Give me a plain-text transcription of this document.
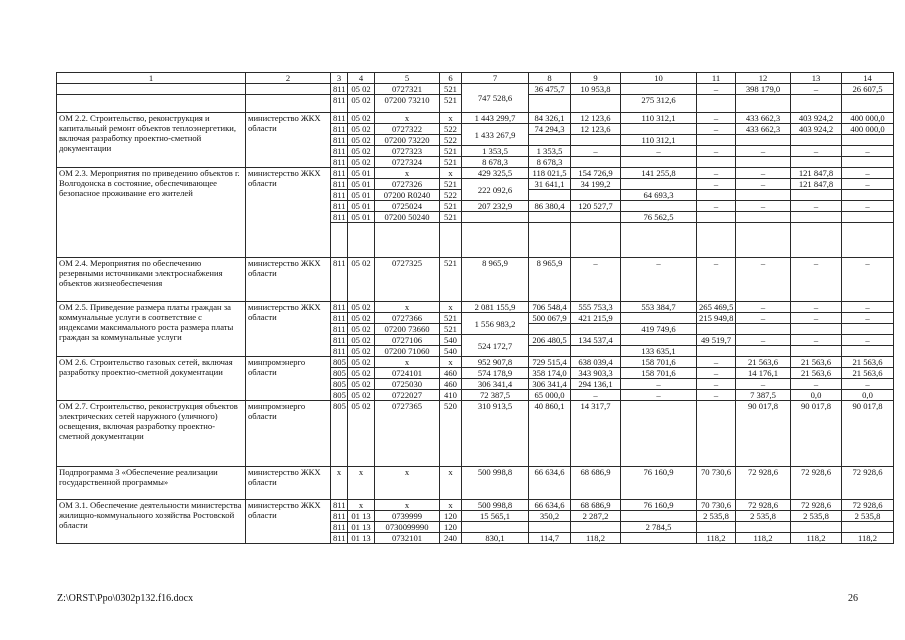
1	2	3	4	5	6	7	8	9	10	11	12	13	14
		811	05 02	0727321	521	747 528,6	36 475,7	10 953,8		–	398 179,0	–	26 607,5
		811	05 02	07200 73210	521				275 312,6				
ОМ 2.2. Строительство, реконструкция и капитальный ремонт объектов теплоэнергетики, включая разработку проектно-сметной документации	министерство ЖКХ области	811	05 02	x	x	1 443 299,7	84 326,1	12 123,6	110 312,1	–	433 662,3	403 924,2	400 000,0
		811	05 02	0727322	522	1 433 267,9	74 294,3	12 123,6		–	433 662,3	403 924,2	400 000,0
		811	05 02	07200 73220	522				110 312,1				
		811	05 02	0727323	521	1 353,5	1 353,5	–	–	–	–	–	–
		811	05 02	0727324	521	8 678,3	8 678,3						
ОМ 2.3. Мероприятия по приведению объектов г. Волгодонска в состояние, обеспечивающее безопасное проживание его жителей	министерство ЖКХ области	811	05 01	x	x	429 325,5	118 021,5	154 726,9	141 255,8	–	–	121 847,8	–
		811	05 01	0727326	521	222 092,6	31 641,1	34 199,2		–	–	121 847,8	–
		811	05 01	07200 R0240	522				64 693,3				
		811	05 01	0725024	521	207 232,9	86 380,4	120 527,7		–	–	–	–
		811	05 01	07200 50240	521				76 562,5				

ОМ 2.4. Мероприятия по обеспечению резервными источниками электроснабжения объектов жизнеобеспечения	министерство ЖКХ области	811	05 02	0727325	521	8 965,9	8 965,9	–	–	–	–	–	–
ОМ 2.5. Приведение размера платы граждан за коммунальные услуги в соответствие с индексами максимального роста размера платы граждан за коммунальные услуги	министерство ЖКХ области	811	05 02	x	x	2 081 155,9	706 548,4	555 753,3	553 384,7	265 469,5	–	–	–
		811	05 02	0727366	521	1 556 983,2	500 067,9	421 215,9		215 949,8	–	–	–
		811	05 02	07200 73660	521				419 749,6				
		811	05 02	0727106	540	524 172,7	206 480,5	134 537,4		49 519,7	–	–	–
		811	05 02	07200 71060	540				133 635,1				
ОМ 2.6. Строительство газовых сетей, включая разработку проектно-сметной документации	минпромэнерго области	805	05 02	x	x	952 907,8	729 515,4	638 039,4	158 701,6	–	21 563,6	21 563,6	21 563,6
		805	05 02	0724101	460	574 178,9	358 174,0	343 903,3	158 701,6	–	14 176,1	21 563,6	21 563,6
		805	05 02	0725030	460	306 341,4	306 341,4	294 136,1	–	–	–	–	–
		805	05 02	0722027	410	72 387,5	65 000,0	–	–	–	7 387,5	0,0	0,0
ОМ 2.7. Строительство, реконструкция объектов электрических сетей наружного (уличного) освещения, включая разработку проектно-сметной документации	минпромэнерго области	805	05 02	0727365	520	310 913,5	40 860,1	14 317,7			90 017,8	90 017,8	90 017,8
Подпрограмма 3 «Обеспечение реализации государственной программы»	министерство ЖКХ области	x	x	x	x	500 998,8	66 634,6	68 686,9	76 160,9	70 730,6	72 928,6	72 928,6	72 928,6
ОМ 3.1. Обеспечение деятельности министерства жилищно-коммунального хозяйства Ростовской области	министерство ЖКХ области	811	x	x	x	500 998,8	66 634,6	68 686,9	76 160,9	70 730,6	72 928,6	72 928,6	72 928,6
		811	01 13	0739999	120	15 565,1	350,2	2 287,2		2 535,8	2 535,8	2 535,8	2 535,8
		811	01 13	0730099990	120				2 784,5				
		811	01 13	0732101	240	830,1	114,7	118,2		118,2	118,2	118,2	118,2
Z:\ORST\Ppo\0302p132.f16.docx	26
